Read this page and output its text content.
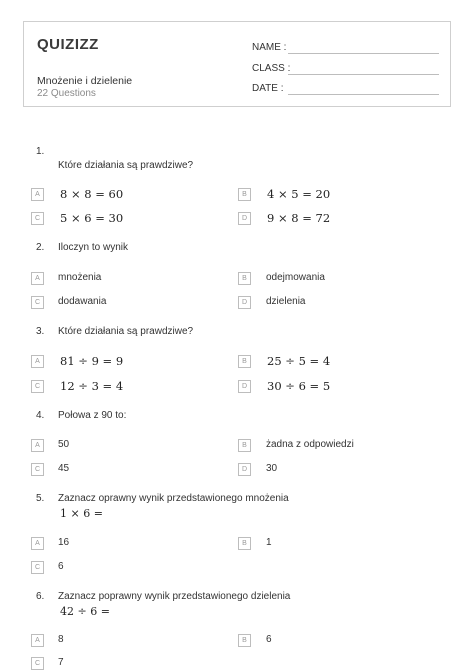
QUIZIZZ
Mnożenie i dzielenie
22 Questions
NAME :
CLASS :
DATE :
1.
Które działania są prawdziwe?
A	8 × 8 = 60	B	4 × 5 = 20
C	5 × 6 = 30	D	9 × 8 = 72
2. Iloczyn to wynik
A	mnożenia	B	odejmowania
C	dodawania	D	dzielenia
3. Które działania są prawdziwe?
A	81 ÷ 9 = 9	B	25 ÷ 5 = 4
C	12 ÷ 3 = 4	D	30 ÷ 6 = 5
4. Połowa z 90 to:
A	50	B	żadna z odpowiedzi
C	45	D	30
5. Zaznacz oprawny wynik przedstawionego mnożenia
1 × 6 =
A	16	B	1
C	6
6. Zaznacz poprawny wynik przedstawionego dzielenia
42 ÷ 6 =
A	8	B	6
C	7
